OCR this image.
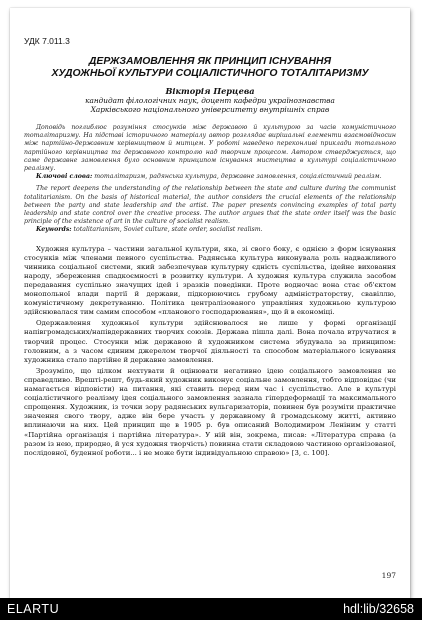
УДК 7.011.3
ДЕРЖЗАМОВЛЕННЯ ЯК ПРИНЦИП ІСНУВАННЯ
ХУДОЖНЬОЇ КУЛЬТУРИ СОЦІАЛІСТИЧНОГО ТОТАЛІТАРИЗМУ
Вікторія Перцева
кандидат філологічних наук, доцент кафедри українознавства
Харківського національного університету внутрішніх справ

Доповідь поглиблює розуміння стосунків між державою й культурою за часів комуністичного тоталітаризму. На підставі історичного матеріалу автор розглядає вирішальні елементи взаємовідносин між партійно-державним керівництвом й митцем. У роботі наведено переконливі приклади тотального партійного керівництва та державного контролю над творчим процесом. Автором стверджується, що саме державне замовлення було основним принципом існування мистецтва в культурі соціалістичного реалізму.

Ключові слова: тоталітаризм, радянська культура, державне замовлення, соціалістичний реалізм.

The report deepens the understanding of the relationship between the state and culture during the communist totalitarianism. On the basis of historical material, the author considers the crucial elements of the relationship between the party and state leadership and the artist. The paper presents convincing examples of total party leadership and state control over the creative process. The author argues that the state order itself was the basic principle of the existence of art in the culture of socialist realism.

Keywords: totalitarianism, Soviet culture, state order, socialist realism.

Художня культура – частини загальної культури, яка, зі свого боку, є однією з форм існування стосунків між членами певного суспільства. Радянська культура виконувала роль надважливого чинника соціальної системи, який забезпечував культурну єдність суспільства, ідейне виховання народу, збереження спадкоємності в розвитку культури. А художня культура служила засобом передавання суспільно значущих ідей і зразків поведінки. Проте водночас вона стає об'єктом монопольної влади партії й держави, підкорюючись грубому адміністраторству, свавіллю, комуністичному декретуванню. Політика централізованого управління художньою культурою здійснювалася тим самим способом «планового господарювання», що й в економіці.

Одержавлення художньої культури здійснювалося не лише у формі організації напівгромадських/напівдержавних творчих союзів. Держава пішла далі. Вона почала втручатися в творчий процес. Стосунки між державою й художником система збудувала за принципом: головним, а з часом єдиним джерелом творчої діяльності та способом матеріального існування художника стало партійне й державне замовлення.

Зрозуміло, що цілком нехтувати й оцінювати негативно ідею соціального замовлення не справедливо. Врешті-решт, будь-який художник виконує соціальне замовлення, тобто відповідає (чи намагається відповісти) на питання, які ставить перед ним час і суспільство. Але в культурі соціалістичного реалізму ідея соціального замовлення зазнала гіпердеформації та максимального спрощення. Художник, із точки зору радянських вульгаризаторів, повинен був розуміти практичне значення свого твору, адже він бере участь у державному й громадському житті, активно вплинаючи на них. Цей принцип ще в 1905 р. був описаний Володимиром Леніним у статті «Партійна організація і партійна література». У ній він, зокрема, писав: «Література справа (а разом із нею, природно, й уся художня творчість) повинна стати складовою частиною організованої, послідовної, буденної роботи... і не може бути індивідуальною справою» [3, с. 100].

197
ELARTU	hdl:lib/32658
